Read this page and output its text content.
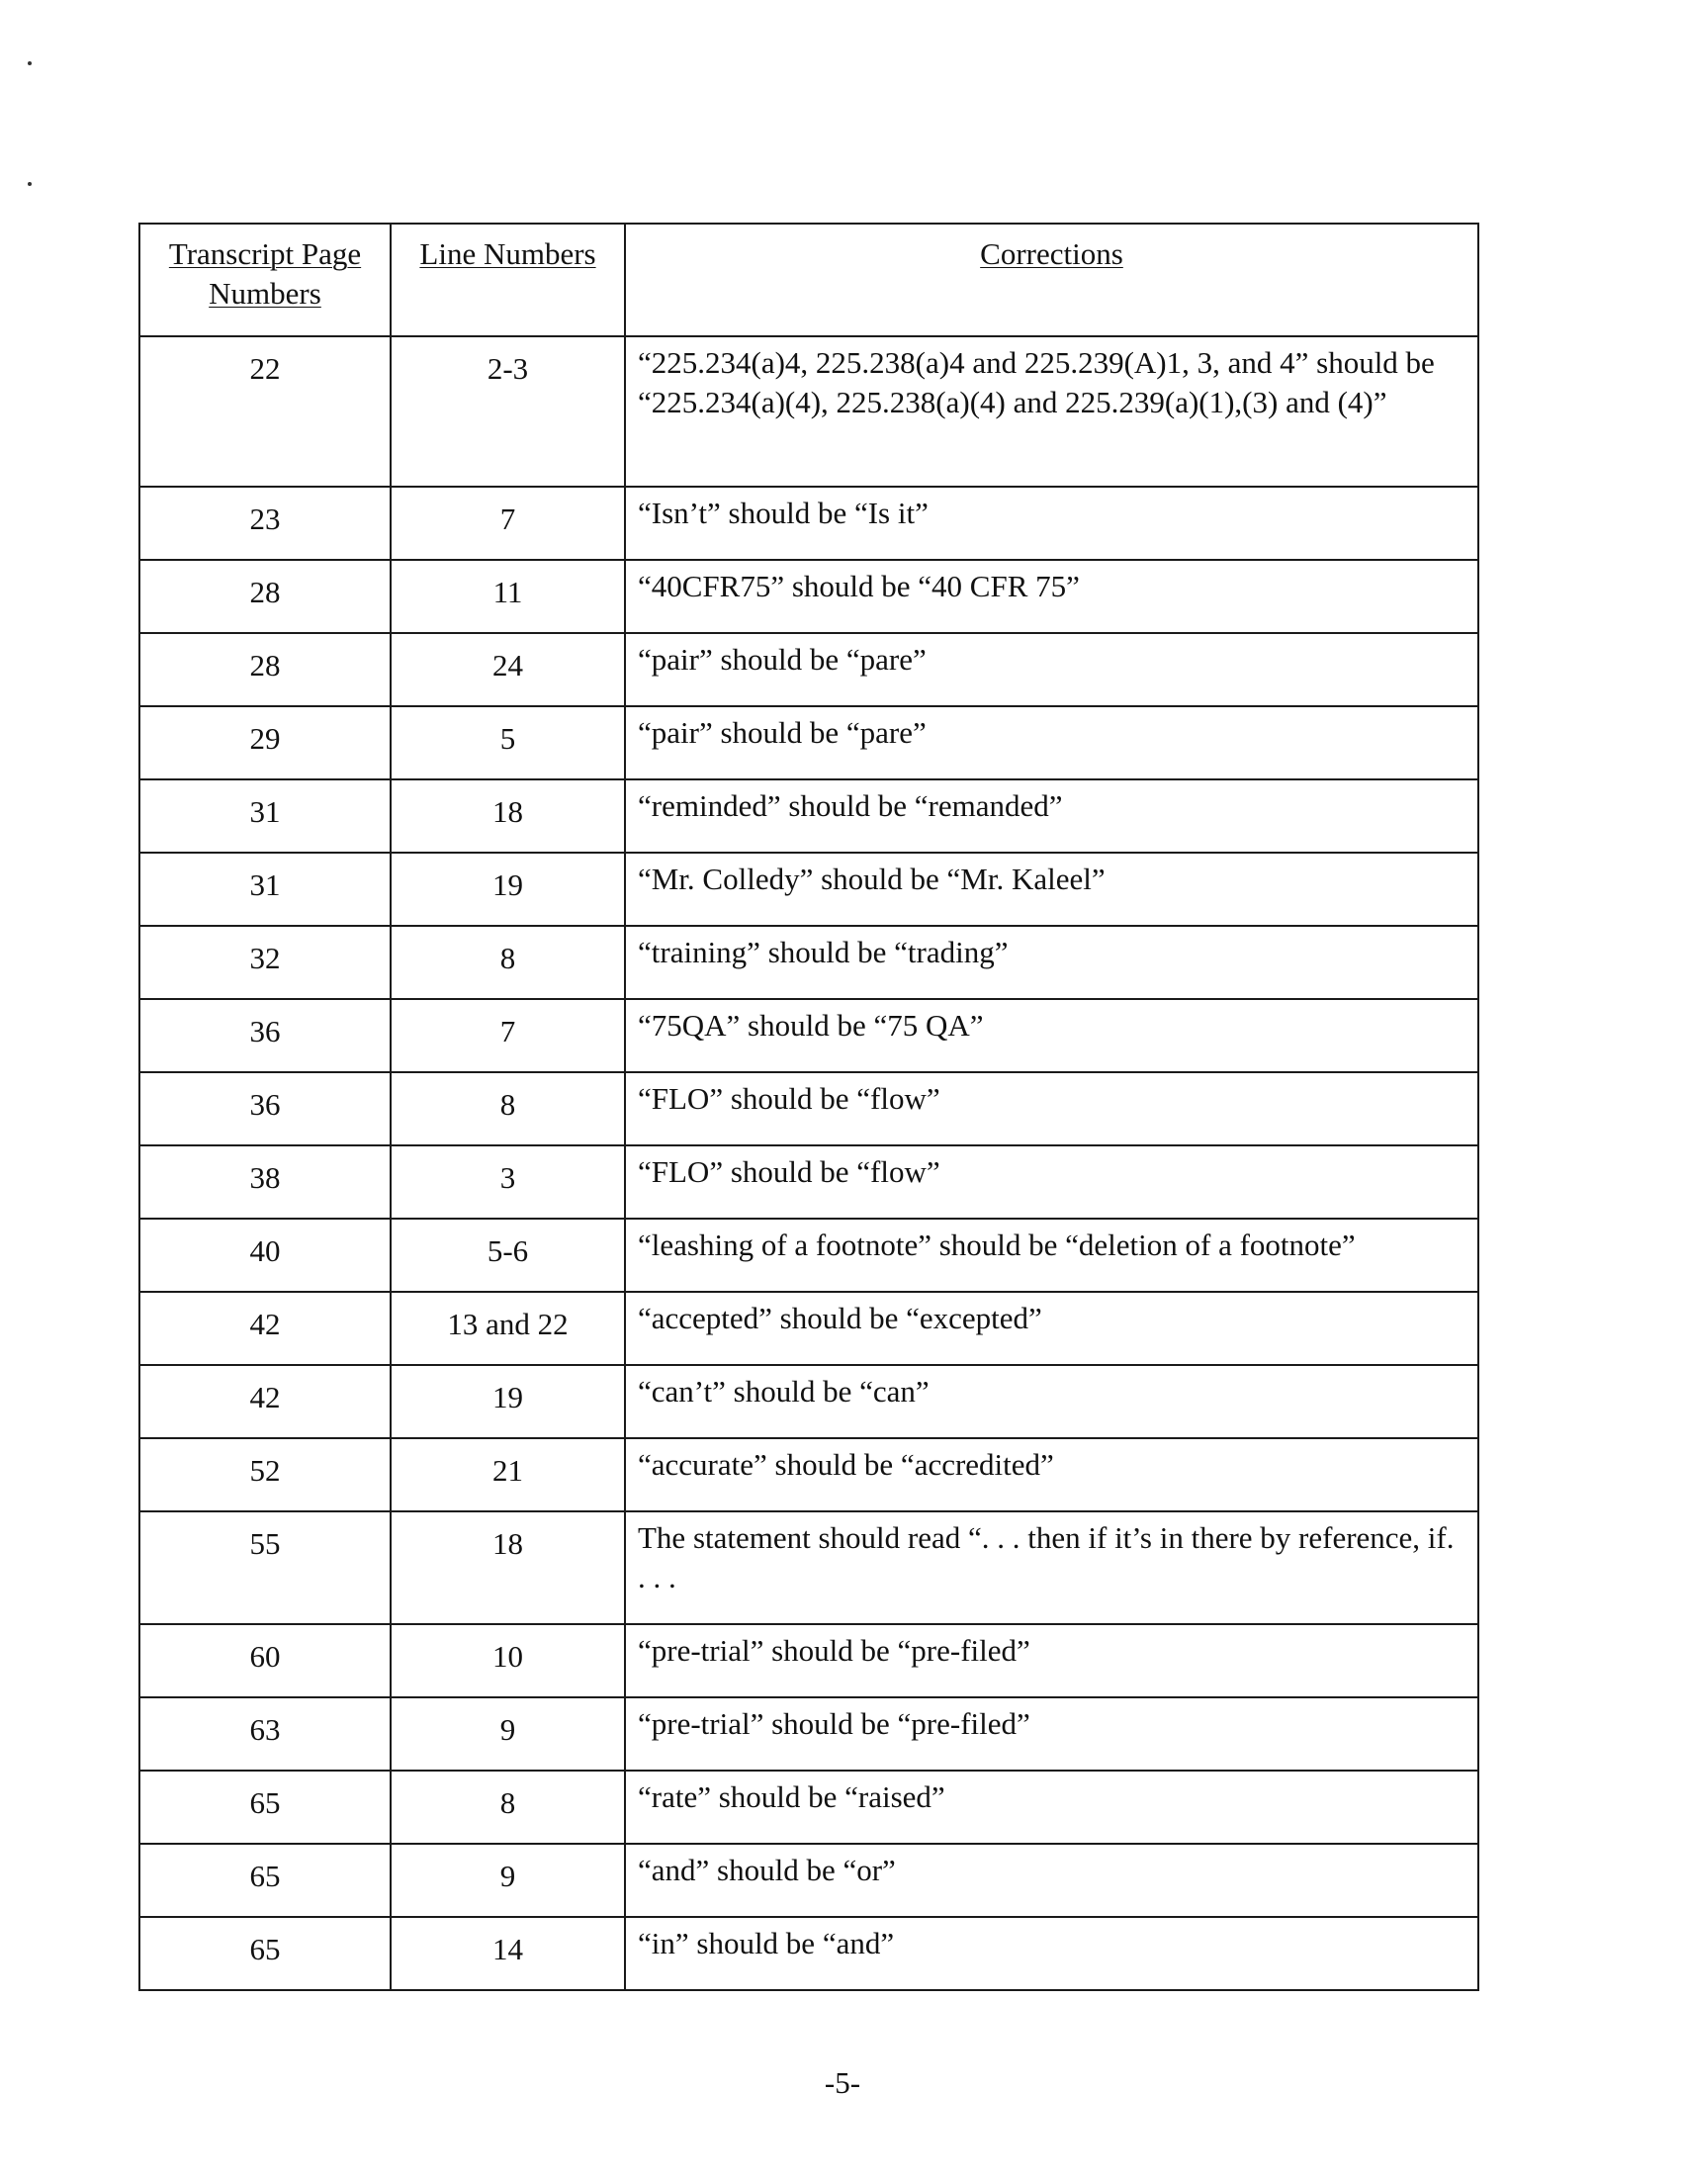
Transcript Page Numbers	Line Numbers	Corrections

22	2-3	“225.234(a)4, 225.238(a)4 and 225.239(A)1, 3, and 4” should be “225.234(a)(4), 225.238(a)(4) and 225.239(a)(1),(3) and (4)”
23	7	“Isn’t” should be “Is it”
28	11	“40CFR75” should be “40 CFR 75”
28	24	“pair” should be “pare”
29	5	“pair” should be “pare”
31	18	“reminded” should be “remanded”
31	19	“Mr. Colledy” should be “Mr. Kaleel”
32	8	“training” should be “trading”
36	7	“75QA” should be “75 QA”
36	8	“FLO” should be “flow”
38	3	“FLO” should be “flow”
40	5-6	“leashing of a footnote” should be “deletion of a footnote”
42	13 and 22	“accepted” should be “excepted”
42	19	“can’t” should be “can”
52	21	“accurate” should be “accredited”
55	18	The statement should read “. . . then if it’s in there by reference, if. . . .
60	10	“pre-trial” should be “pre-filed”
63	9	“pre-trial” should be “pre-filed”
65	8	“rate” should be “raised”
65	9	“and” should be “or”
65	14	“in” should be “and”
-5-
